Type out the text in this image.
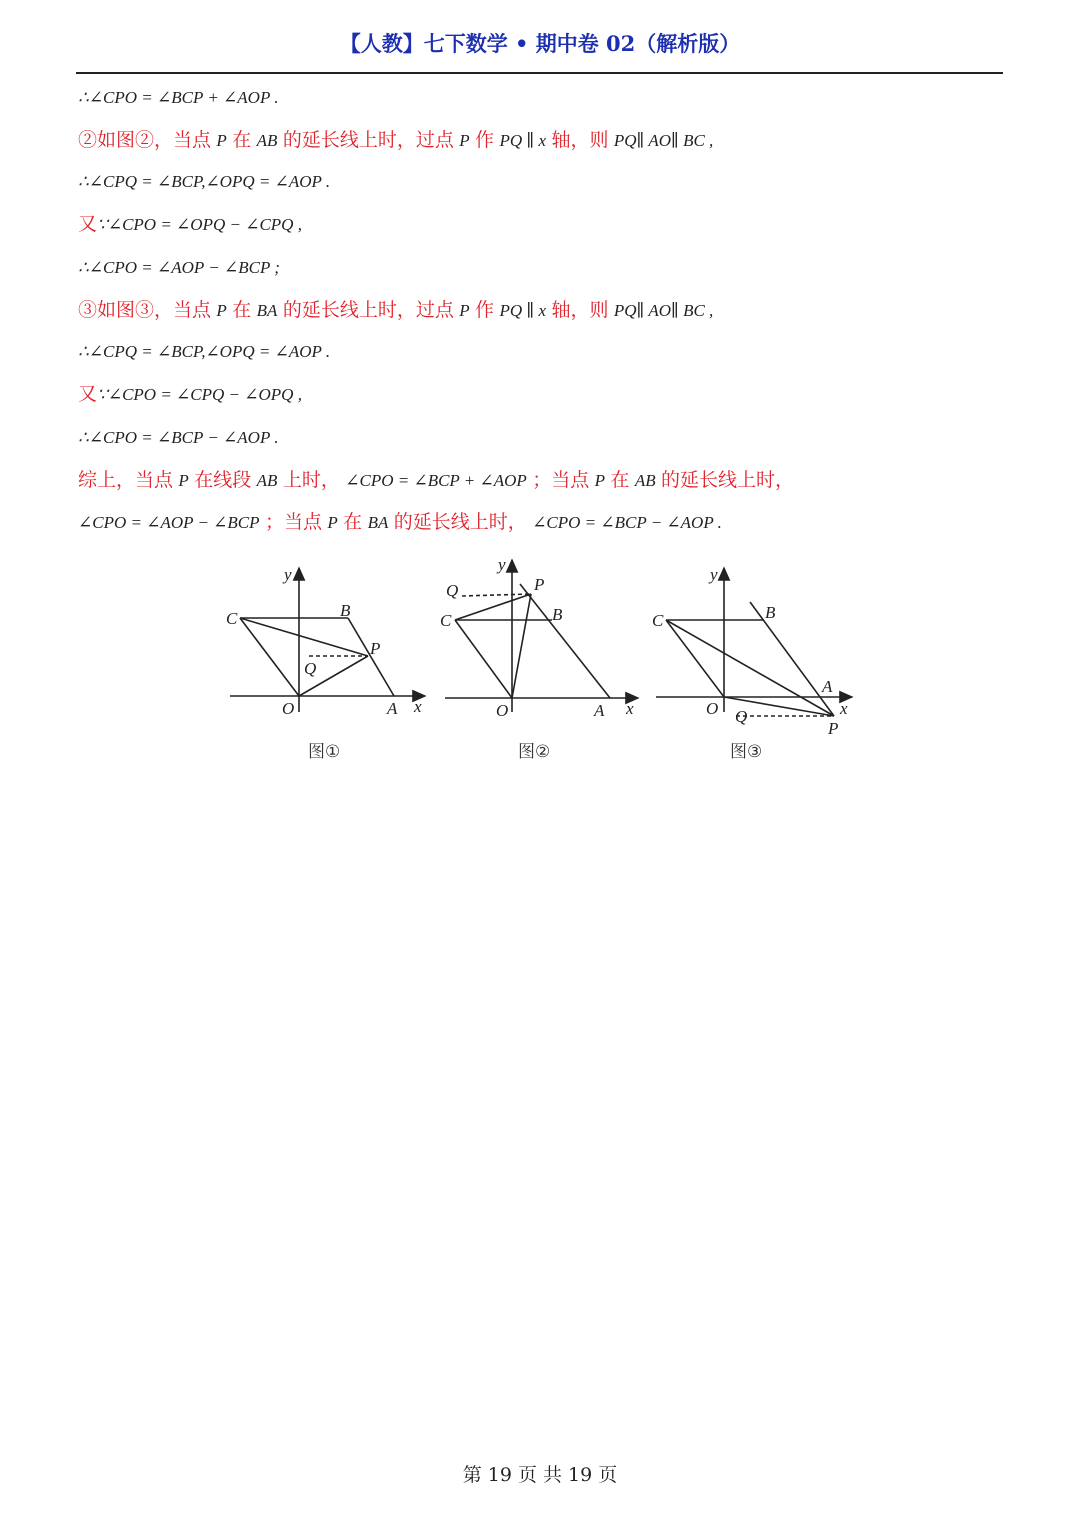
【人教】七下数学 • 期中卷 02（解析版）
∴∠CPO = ∠BCP + ∠AOP .
②如图②，当点 P 在 AB 的延长线上时，过点 P 作 PQ ∥ x 轴，则 PQ∥ AO∥ BC ,
∴∠CPQ = ∠BCP,∠OPQ = ∠AOP .
又∵∠CPO = ∠OPQ − ∠CPQ ,
∴∠CPO = ∠AOP − ∠BCP ;
③如图③，当点 P 在 BA 的延长线上时，过点 P 作 PQ ∥ x 轴，则 PQ∥ AO∥ BC ,
∴∠CPQ = ∠BCP,∠OPQ = ∠AOP .
又∵∠CPO = ∠CPQ − ∠OPQ ,
∴∠CPO = ∠BCP − ∠AOP .
综上，当点 P 在线段 AB 上时， ∠CPO = ∠BCP + ∠AOP ；当点 P 在 AB 的延长线上时，
∠CPO = ∠AOP − ∠BCP ；当点 P 在 BA 的延长线上时， ∠CPO = ∠BCP − ∠AOP .
y
C	B
P
Q
O	A x
图①
y
Q	P
C	B
O	A x
图②
y
C	B
A
x
O Q
P
图③
第 19 页 共 19 页
